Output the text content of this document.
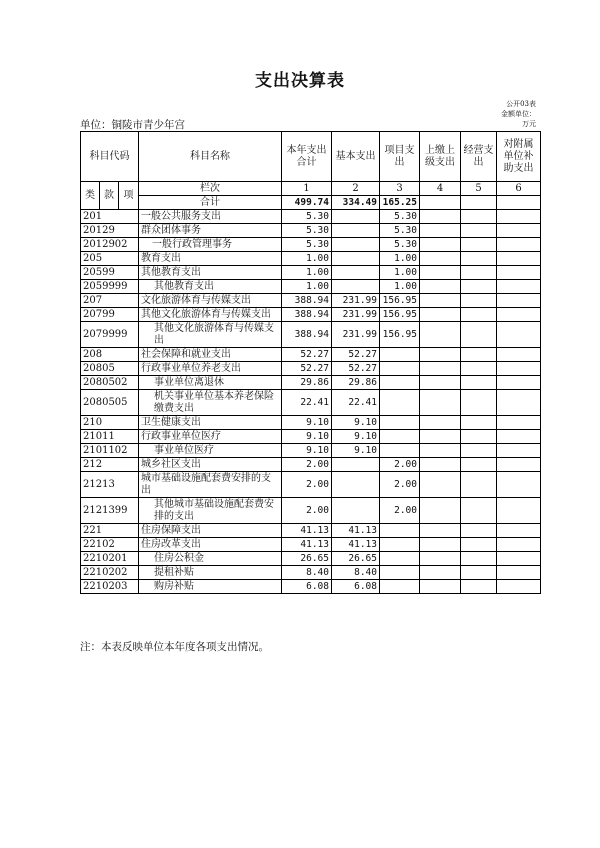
支出决算表
公开03表
金额单位：
万元
单位：铜陵市青少年宫
科目代码			科目名称	本年支出合计	基本支出	项目支出	上缴上级支出	经营支出	对附属单位补助支出
类	款	项	栏次	1	2	3	4	5	6
			合计	499.74	334.49	165.25			
201			一般公共服务支出	5.30		5.30			
20129			群众团体事务	5.30		5.30			
2012902			一般行政管理事务	5.30		5.30			
205			教育支出	1.00		1.00			
20599			其他教育支出	1.00		1.00			
2059999			其他教育支出	1.00		1.00			
207			文化旅游体育与传媒支出	388.94	231.99	156.95			
20799			其他文化旅游体育与传媒支出	388.94	231.99	156.95			
2079999			其他文化旅游体育与传媒支出	388.94	231.99	156.95			
208			社会保障和就业支出	52.27	52.27				
20805			行政事业单位养老支出	52.27	52.27				
2080502			事业单位离退休	29.86	29.86				
2080505			机关事业单位基本养老保险缴费支出	22.41	22.41				
210			卫生健康支出	9.10	9.10				
21011			行政事业单位医疗	9.10	9.10				
2101102			事业单位医疗	9.10	9.10				
212			城乡社区支出	2.00		2.00			
21213			城市基础设施配套费安排的支出	2.00		2.00			
2121399			其他城市基础设施配套费安排的支出	2.00		2.00			
221			住房保障支出	41.13	41.13				
22102			住房改革支出	41.13	41.13				
2210201			住房公积金	26.65	26.65				
2210202			提租补贴	8.40	8.40				
2210203			购房补贴	6.08	6.08				
注：本表反映单位本年度各项支出情况。
